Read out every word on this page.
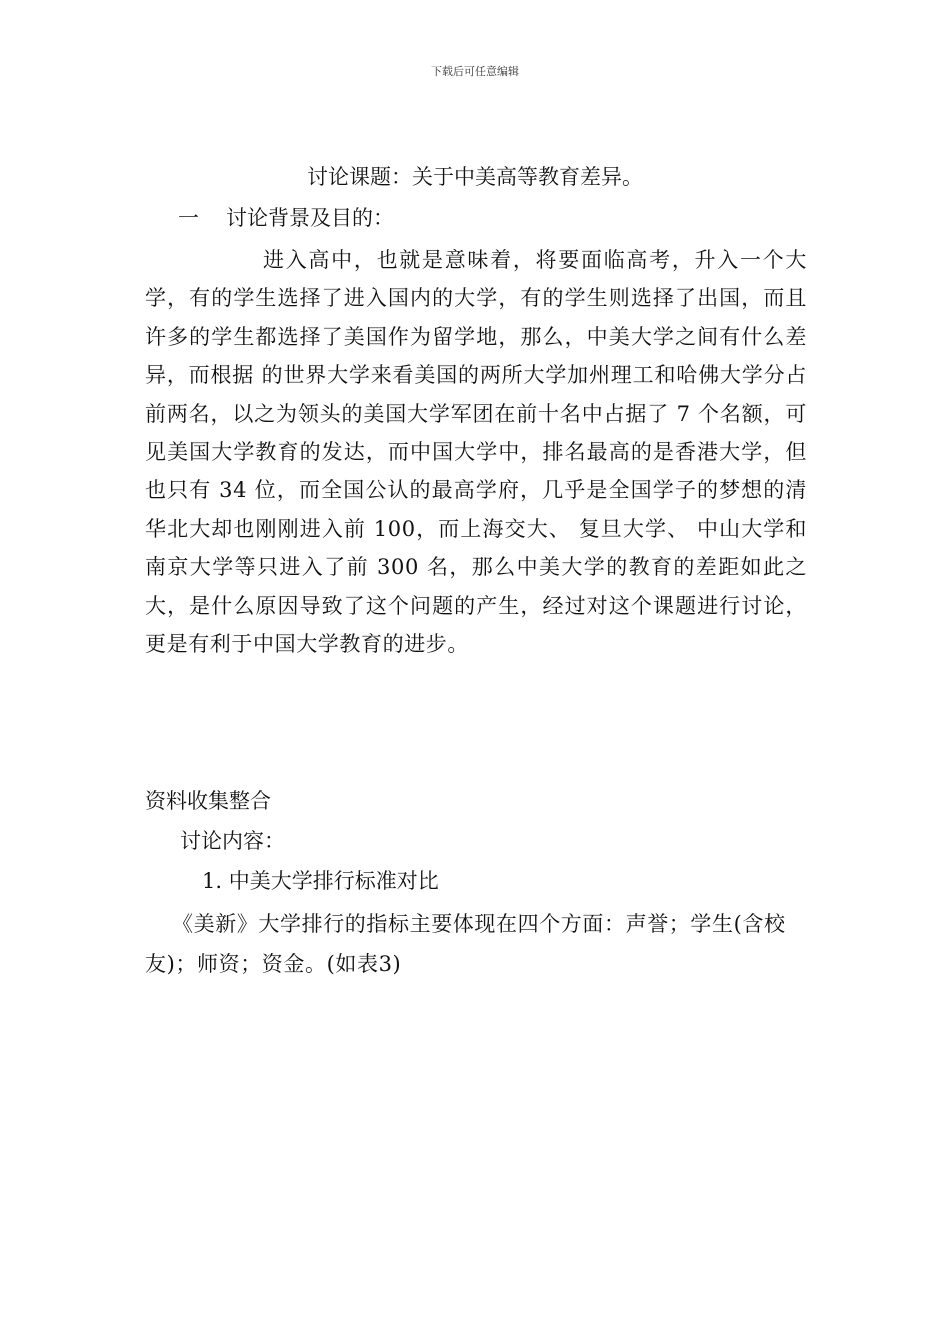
下载后可任意编辑
讨论课题：关于中美高等教育差异。
一 讨论背景及目的：

进入高中，也就是意味着，将要面临高考，升入一个大学，有的学生选择了进入国内的大学，有的学生则选择了出国，而且许多的学生都选择了美国作为留学地，那么，中美大学之间有什么差异，而根据 的世界大学来看美国的两所大学加州理工和哈佛大学分占前两名，以之为领头的美国大学军团在前十名中占据了 7 个名额，可见美国大学教育的发达，而中国大学中，排名最高的是香港大学，但也只有 34 位，而全国公认的最高学府，几乎是全国学子的梦想的清华北大却也刚刚进入前 100，而上海交大、 复旦大学、 中山大学和南京大学等只进入了前 300 名，那么中美大学的教育的差距如此之大，是什么原因导致了这个问题的产生，经过对这个课题进行讨论，更是有利于中国大学教育的进步。

资料收集整合
讨论内容：
1. 中美大学排行标准对比

《美新》大学排行的指标主要体现在四个方面：声誉；学生(含校友)；师资；资金。(如表3)
